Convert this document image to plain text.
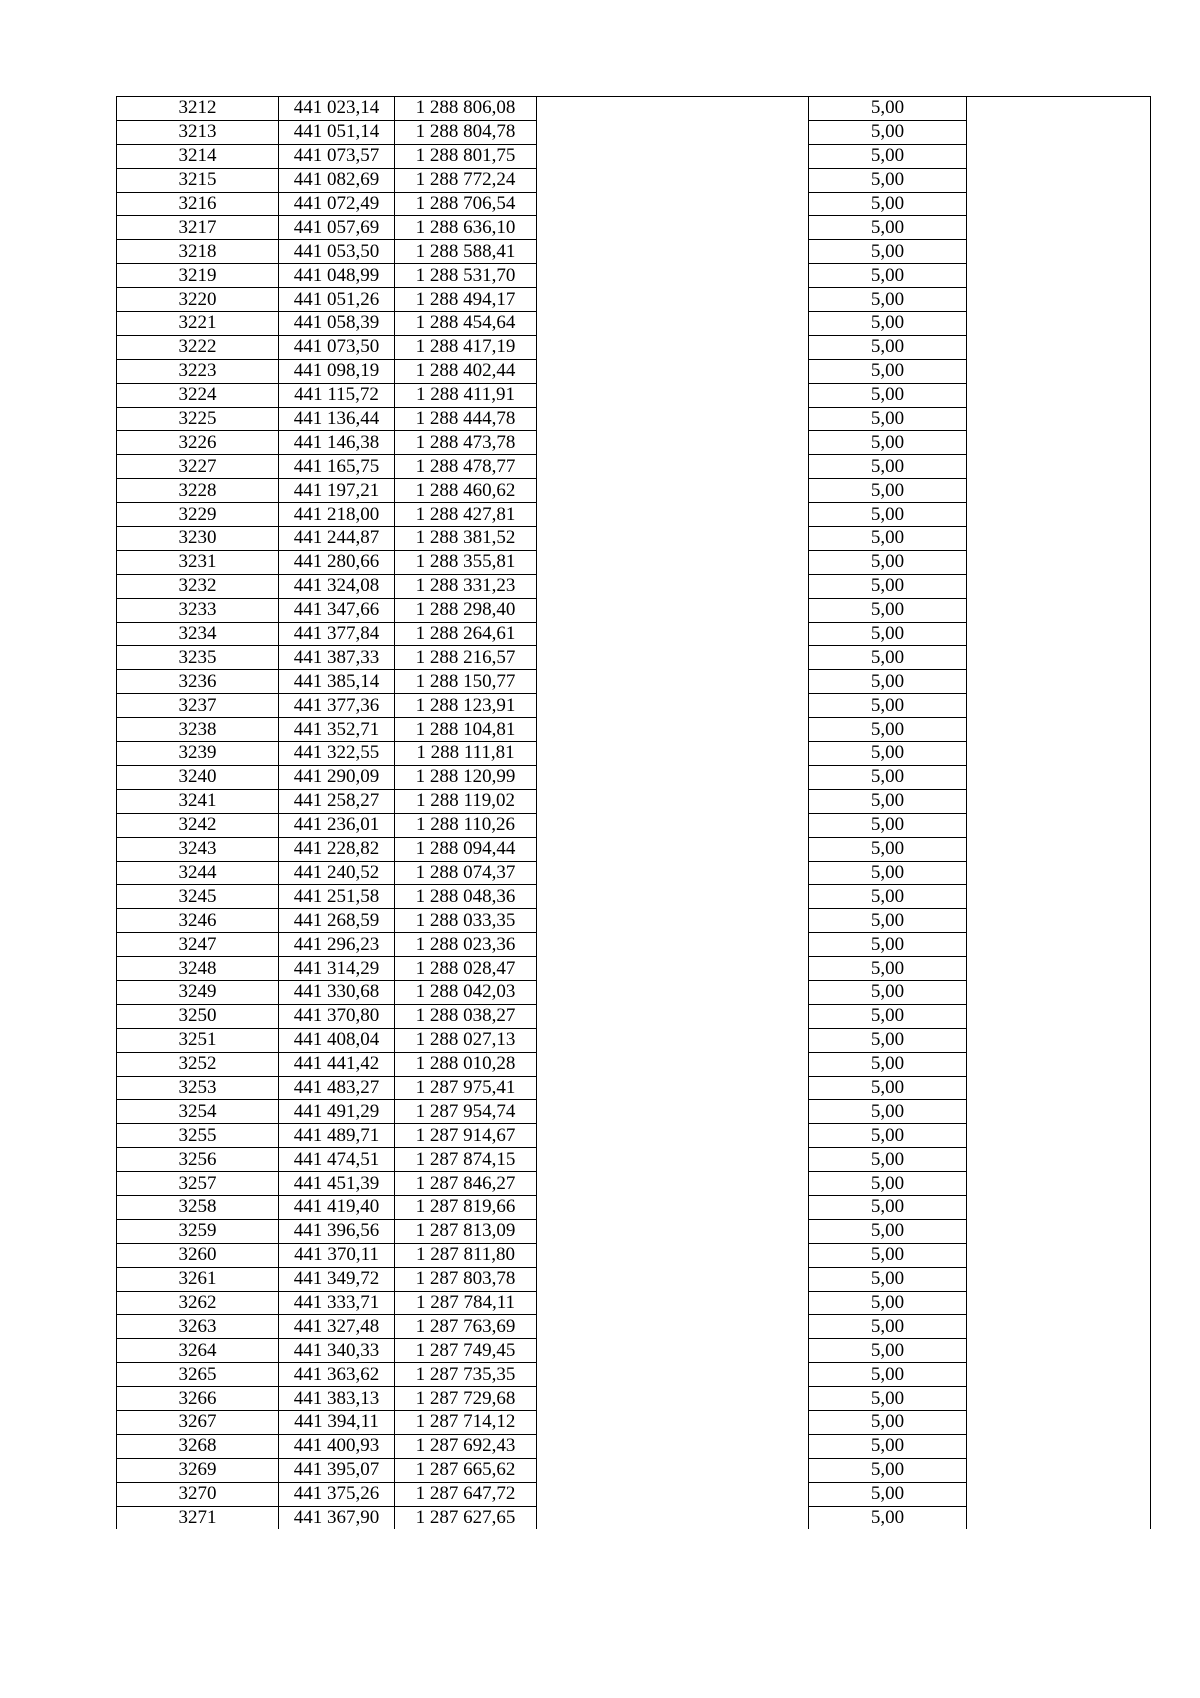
3212	441 023,14	1 288 806,08		5,00	
3213	441 051,14	1 288 804,78		5,00	
3214	441 073,57	1 288 801,75		5,00	
3215	441 082,69	1 288 772,24		5,00	
3216	441 072,49	1 288 706,54		5,00	
3217	441 057,69	1 288 636,10		5,00	
3218	441 053,50	1 288 588,41		5,00	
3219	441 048,99	1 288 531,70		5,00	
3220	441 051,26	1 288 494,17		5,00	
3221	441 058,39	1 288 454,64		5,00	
3222	441 073,50	1 288 417,19		5,00	
3223	441 098,19	1 288 402,44		5,00	
3224	441 115,72	1 288 411,91		5,00	
3225	441 136,44	1 288 444,78		5,00	
3226	441 146,38	1 288 473,78		5,00	
3227	441 165,75	1 288 478,77		5,00	
3228	441 197,21	1 288 460,62		5,00	
3229	441 218,00	1 288 427,81		5,00	
3230	441 244,87	1 288 381,52		5,00	
3231	441 280,66	1 288 355,81		5,00	
3232	441 324,08	1 288 331,23		5,00	
3233	441 347,66	1 288 298,40		5,00	
3234	441 377,84	1 288 264,61		5,00	
3235	441 387,33	1 288 216,57		5,00	
3236	441 385,14	1 288 150,77		5,00	
3237	441 377,36	1 288 123,91		5,00	
3238	441 352,71	1 288 104,81		5,00	
3239	441 322,55	1 288 111,81		5,00	
3240	441 290,09	1 288 120,99		5,00	
3241	441 258,27	1 288 119,02		5,00	
3242	441 236,01	1 288 110,26		5,00	
3243	441 228,82	1 288 094,44		5,00	
3244	441 240,52	1 288 074,37		5,00	
3245	441 251,58	1 288 048,36		5,00	
3246	441 268,59	1 288 033,35		5,00	
3247	441 296,23	1 288 023,36		5,00	
3248	441 314,29	1 288 028,47		5,00	
3249	441 330,68	1 288 042,03		5,00	
3250	441 370,80	1 288 038,27		5,00	
3251	441 408,04	1 288 027,13		5,00	
3252	441 441,42	1 288 010,28		5,00	
3253	441 483,27	1 287 975,41		5,00	
3254	441 491,29	1 287 954,74		5,00	
3255	441 489,71	1 287 914,67		5,00	
3256	441 474,51	1 287 874,15		5,00	
3257	441 451,39	1 287 846,27		5,00	
3258	441 419,40	1 287 819,66		5,00	
3259	441 396,56	1 287 813,09		5,00	
3260	441 370,11	1 287 811,80		5,00	
3261	441 349,72	1 287 803,78		5,00	
3262	441 333,71	1 287 784,11		5,00	
3263	441 327,48	1 287 763,69		5,00	
3264	441 340,33	1 287 749,45		5,00	
3265	441 363,62	1 287 735,35		5,00	
3266	441 383,13	1 287 729,68		5,00	
3267	441 394,11	1 287 714,12		5,00	
3268	441 400,93	1 287 692,43		5,00	
3269	441 395,07	1 287 665,62		5,00	
3270	441 375,26	1 287 647,72		5,00	
3271	441 367,90	1 287 627,65		5,00	
